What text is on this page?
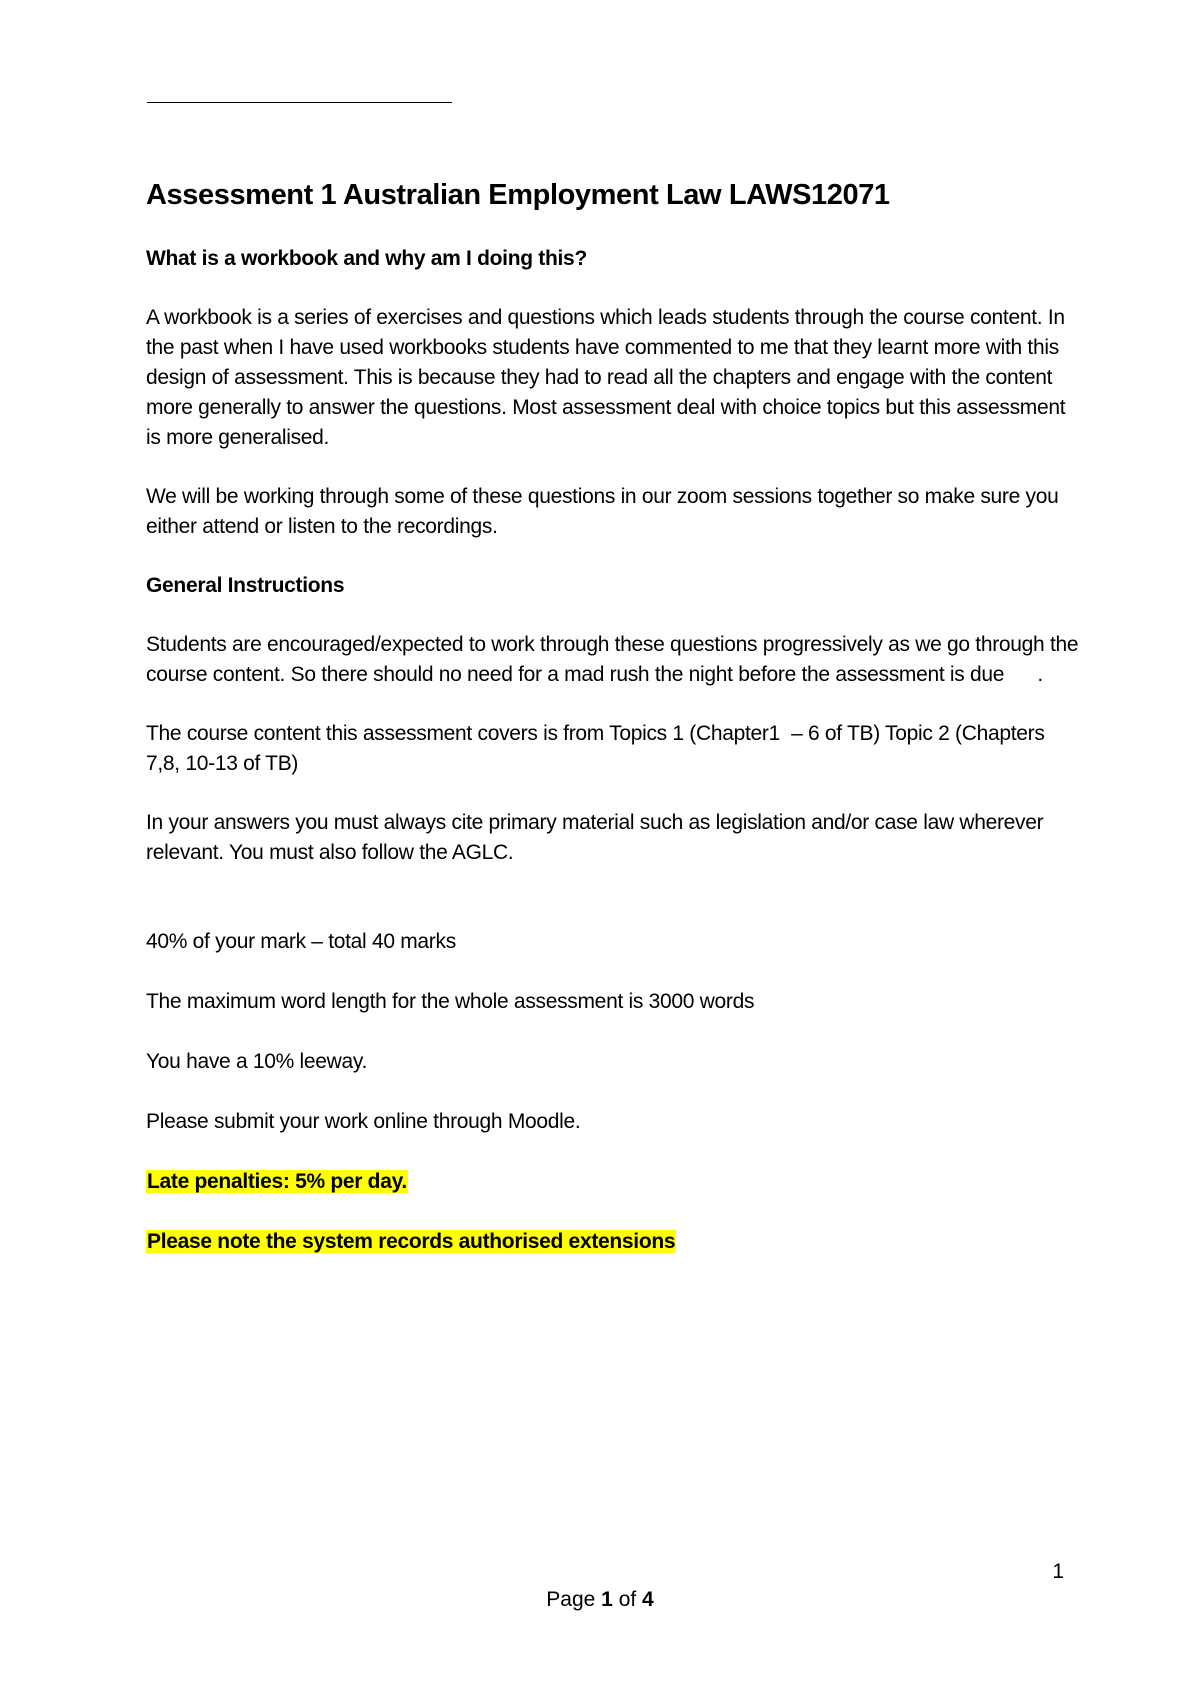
Assessment 1 Australian Employment Law LAWS12071
What is a workbook and why am I doing this?

A workbook is a series of exercises and questions which leads students through the course content. In the past when I have used workbooks students have commented to me that they learnt more with this design of assessment. This is because they had to read all the chapters and engage with the content more generally to answer the questions. Most assessment deal with choice topics but this assessment is more generalised.

We will be working through some of these questions in our zoom sessions together so make sure you either attend or listen to the recordings.

General Instructions

Students are encouraged/expected to work through these questions progressively as we go through the course content. So there should no need for a mad rush the night before the assessment is due      .

The course content this assessment covers is from Topics 1 (Chapter1  – 6 of TB) Topic 2 (Chapters 7,8, 10-13 of TB)

In your answers you must always cite primary material such as legislation and/or case law wherever relevant. You must also follow the AGLC.

40% of your mark – total 40 marks

The maximum word length for the whole assessment is 3000 words

You have a 10% leeway.

Please submit your work online through Moodle.

Late penalties: 5% per day.

Please note the system records authorised extensions

1
Page 1 of 4
